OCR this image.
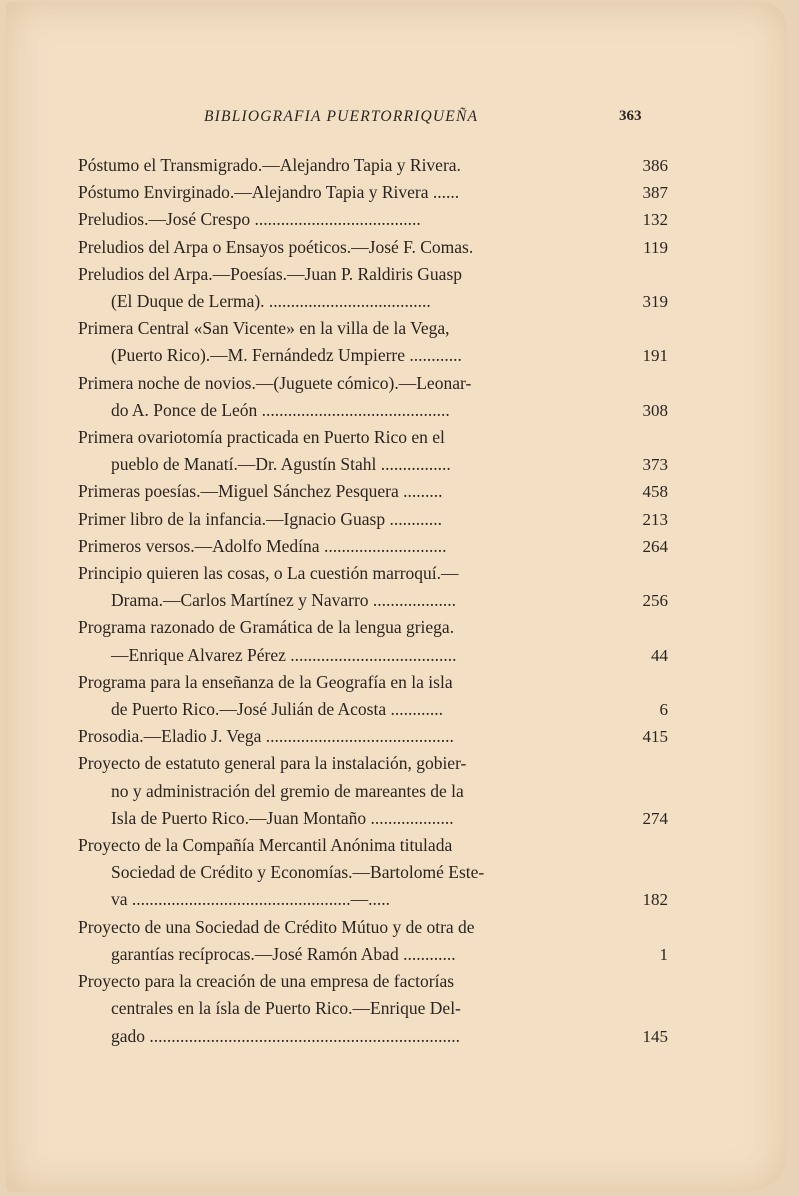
BIBLIOGRAFIA PUERTORRIQUEÑA	363
Póstumo el Transmigrado.—Alejandro Tapia y Rivera.	386
Póstumo Envirginado.—Alejandro Tapia y Rivera ......	387
Preludios.—José Crespo ......................................	132
Preludios del Arpa o Ensayos poéticos.—José F. Comas.	119
Preludios del Arpa.—Poesías.—Juan P. Raldiris Guasp
(El Duque de Lerma). .....................................	319
Primera Central «San Vicente» en la villa de la Vega,
(Puerto Rico).—M. Fernándedz Umpierre ............	191
Primera noche de novios.—(Juguete cómico).—Leonar-
do A. Ponce de León ...........................................	308
Primera ovariotomía practicada en Puerto Rico en el
pueblo de Manatí.—Dr. Agustín Stahl ................	373
Primeras poesías.—Miguel Sánchez Pesquera .........	458
Primer libro de la infancia.—Ignacio Guasp ............	213
Primeros versos.—Adolfo Medína ............................	264
Principio quieren las cosas, o La cuestión marroquí.—
Drama.—Carlos Martínez y Navarro ...................	256
Programa razonado de Gramática de la lengua griega.
—Enrique Alvarez Pérez ......................................	44
Programa para la enseñanza de la Geografía en la isla
de Puerto Rico.—José Julián de Acosta ............	6
Prosodia.—Eladio J. Vega ...........................................	415
Proyecto de estatuto general para la instalación, gobier-
no y administración del gremio de mareantes de la
Isla de Puerto Rico.—Juan Montaño ...................	274
Proyecto de la Compañía Mercantil Anónima titulada
Sociedad de Crédito y Economías.—Bartolomé Este-
va ..................................................—.....	182
Proyecto de una Sociedad de Crédito Mútuo y de otra de
garantías recíprocas.—José Ramón Abad ............	1
Proyecto para la creación de una empresa de factorías
centrales en la ísla de Puerto Rico.—Enrique Del-
gado .......................................................................	145
